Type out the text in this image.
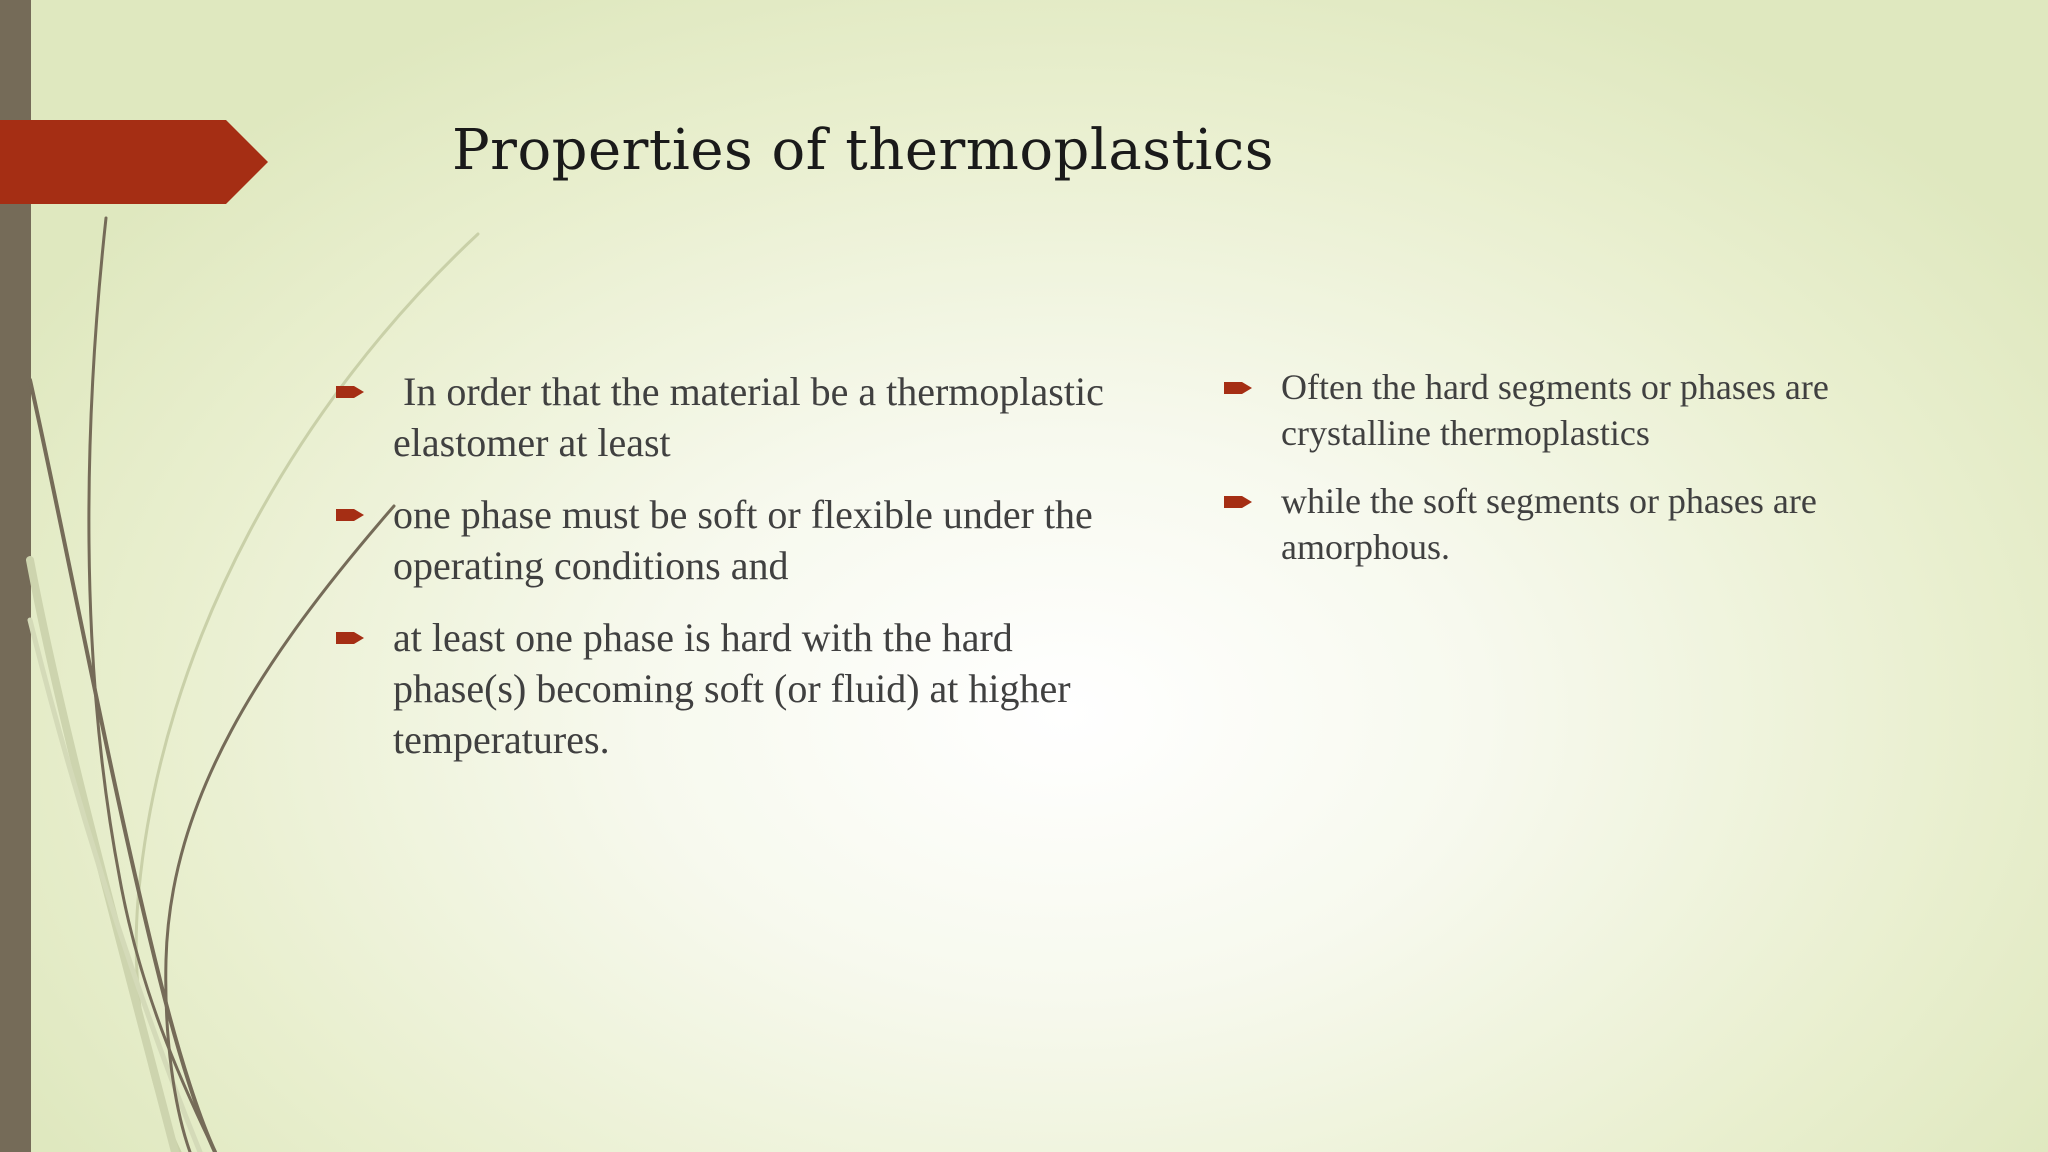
Properties of thermoplastics
In order that the material be a thermoplastic elastomer at least
one phase must be soft or flexible under the operating conditions and
at least one phase is hard with the hard phase(s) becoming soft (or fluid) at higher temperatures.
Often the hard segments or phases are crystalline thermoplastics
while the soft segments or phases are amorphous.
